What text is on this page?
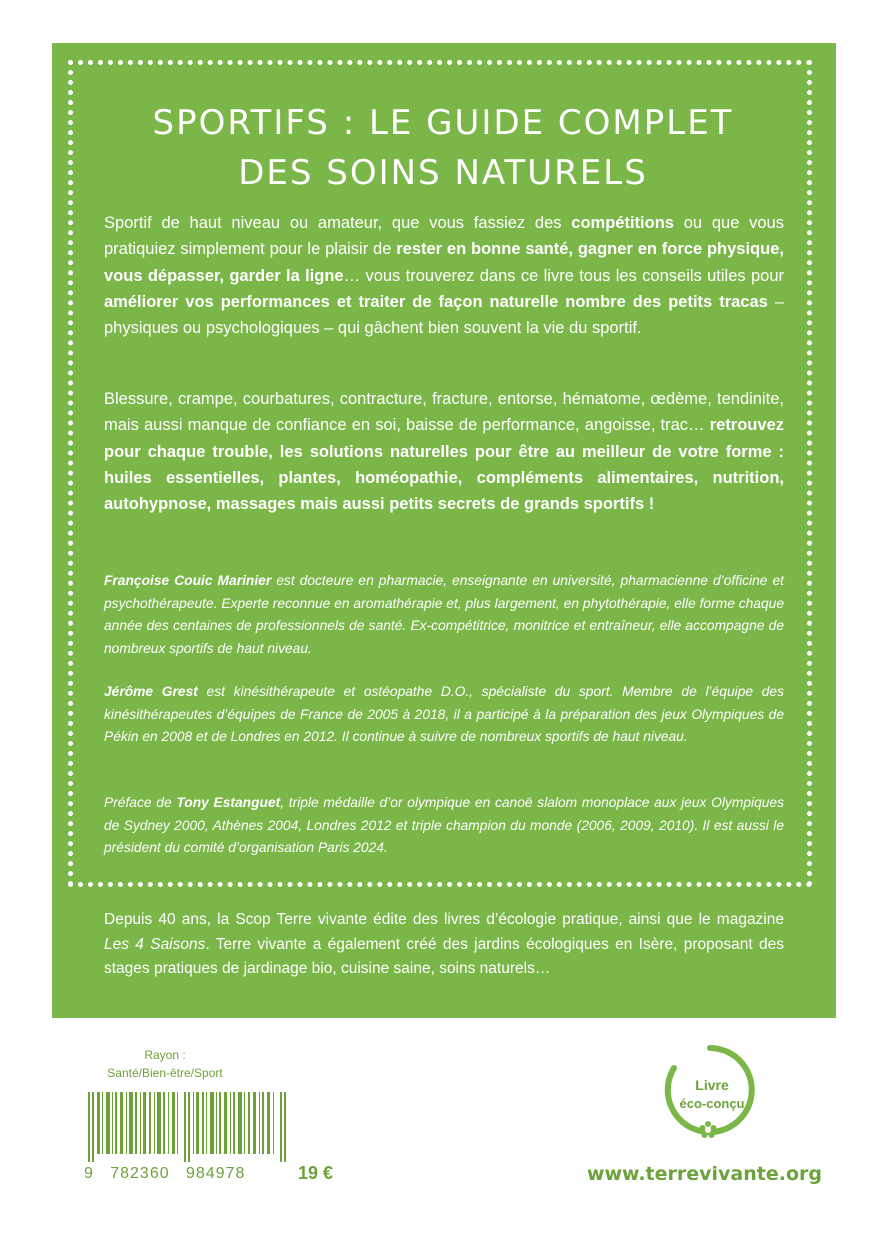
SPORTIFS : LE GUIDE COMPLET
DES SOINS NATURELS

Sportif de haut niveau ou amateur, que vous fassiez des compétitions ou que vous pratiquiez simplement pour le plaisir de rester en bonne santé, gagner en force physique, vous dépasser, garder la ligne… vous trouverez dans ce livre tous les conseils utiles pour améliorer vos performances et traiter de façon naturelle nombre des petits tracas – physiques ou psychologiques – qui gâchent bien souvent la vie du sportif.

Blessure, crampe, courbatures, contracture, fracture, entorse, hématome, œdème, tendinite, mais aussi manque de confiance en soi, baisse de performance, angoisse, trac… retrouvez pour chaque trouble, les solutions naturelles pour être au meilleur de votre forme : huiles essentielles, plantes, homéopathie, compléments alimentaires, nutrition, autohypnose, massages mais aussi petits secrets de grands sportifs !

Françoise Couic Marinier est docteure en pharmacie, enseignante en université, pharmacienne d’officine et psychothérapeute. Experte reconnue en aromathérapie et, plus largement, en phytothérapie, elle forme chaque année des centaines de professionnels de santé. Ex-compétitrice, monitrice et entraîneur, elle accompagne de nombreux sportifs de haut niveau.

Jérôme Grest est kinésithérapeute et ostéopathe D.O., spécialiste du sport. Membre de l’équipe des kinésithérapeutes d’équipes de France de 2005 à 2018, il a participé à la préparation des jeux Olympiques de Pékin en 2008 et de Londres en 2012. Il continue à suivre de nombreux sportifs de haut niveau.

Préface de Tony Estanguet, triple médaille d’or olympique en canoë slalom monoplace aux jeux Olympiques de Sydney 2000, Athènes 2004, Londres 2012 et triple champion du monde (2006, 2009, 2010). Il est aussi le président du comité d’organisation Paris 2024.

Depuis 40 ans, la Scop Terre vivante édite des livres d’écologie pratique, ainsi que le magazine Les 4 Saisons. Terre vivante a également créé des jardins écologiques en Isère, proposant des stages pratiques de jardinage bio, cuisine saine, soins naturels…

Rayon :
Santé/Bien-être/Sport
9   782360   984978	19 €
Livre
éco-conçu
www.terrevivante.org
